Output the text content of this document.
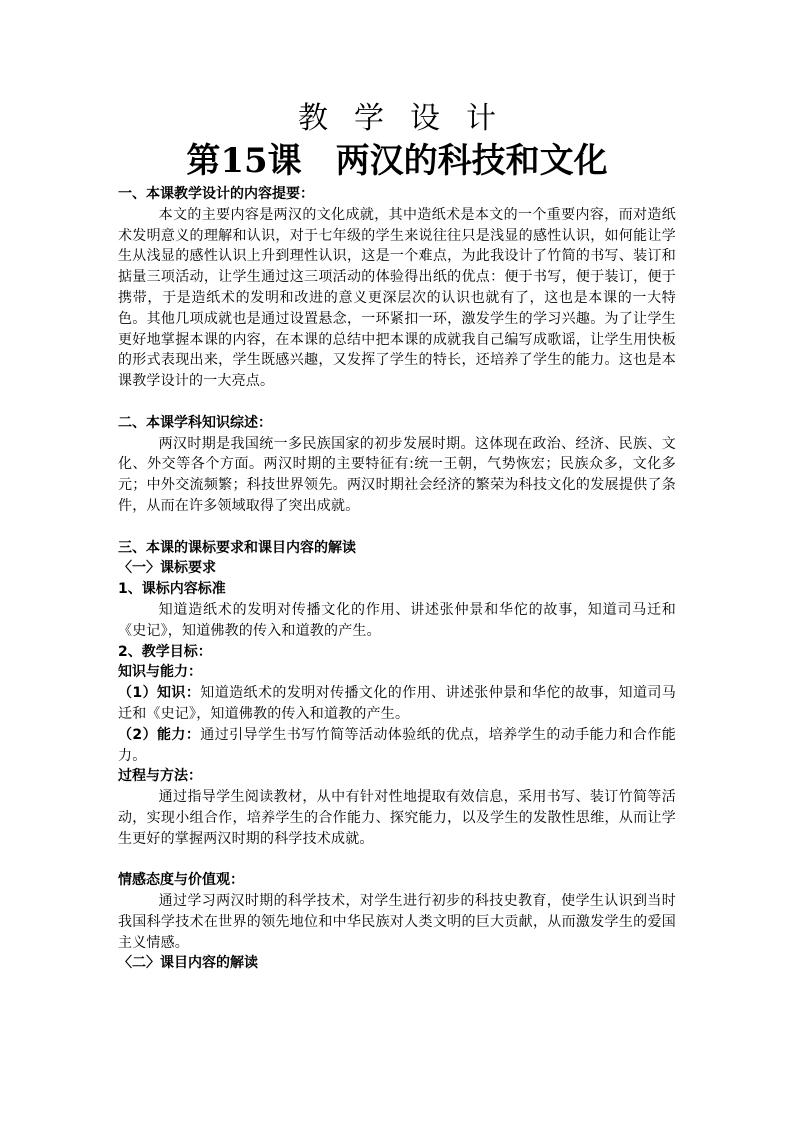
教学设计
第15课　两汉的科技和文化
一、本课教学设计的内容提要：

本文的主要内容是两汉的文化成就，其中造纸术是本文的一个重要内容，而对造纸术发明意义的理解和认识，对于七年级的学生来说往往只是浅显的感性认识，如何能让学生从浅显的感性认识上升到理性认识，这是一个难点，为此我设计了竹简的书写、装订和掂量三项活动，让学生通过这三项活动的体验得出纸的优点：便于书写，便于装订，便于携带，于是造纸术的发明和改进的意义更深层次的认识也就有了，这也是本课的一大特色。其他几项成就也是通过设置悬念，一环紧扣一环，激发学生的学习兴趣。为了让学生更好地掌握本课的内容，在本课的总结中把本课的成就我自己编写成歌谣，让学生用快板的形式表现出来，学生既感兴趣，又发挥了学生的特长，还培养了学生的能力。这也是本课教学设计的一大亮点。

二、本课学科知识综述：

两汉时期是我国统一多民族国家的初步发展时期。这体现在政治、经济、民族、文化、外交等各个方面。两汉时期的主要特征有:统一王朝，气势恢宏；民族众多，文化多元；中外交流频繁；科技世界领先。两汉时期社会经济的繁荣为科技文化的发展提供了条件，从而在许多领域取得了突出成就。

三、本课的课标要求和课目内容的解读
〈一〉课标要求
1、课标内容标准

知道造纸术的发明对传播文化的作用、讲述张仲景和华佗的故事，知道司马迁和《史记》，知道佛教的传入和道教的产生。

2、教学目标：
知识与能力：

（1）知识：知道造纸术的发明对传播文化的作用、讲述张仲景和华佗的故事，知道司马迁和《史记》，知道佛教的传入和道教的产生。

（2）能力：通过引导学生书写竹简等活动体验纸的优点，培养学生的动手能力和合作能力。

过程与方法：

通过指导学生阅读教材，从中有针对性地提取有效信息，采用书写、装订竹简等活动，实现小组合作，培养学生的合作能力、探究能力，以及学生的发散性思维，从而让学生更好的掌握两汉时期的科学技术成就。

情感态度与价值观：

通过学习两汉时期的科学技术，对学生进行初步的科技史教育，使学生认识到当时我国科学技术在世界的领先地位和中华民族对人类文明的巨大贡献，从而激发学生的爱国主义情感。

〈二〉课目内容的解读
